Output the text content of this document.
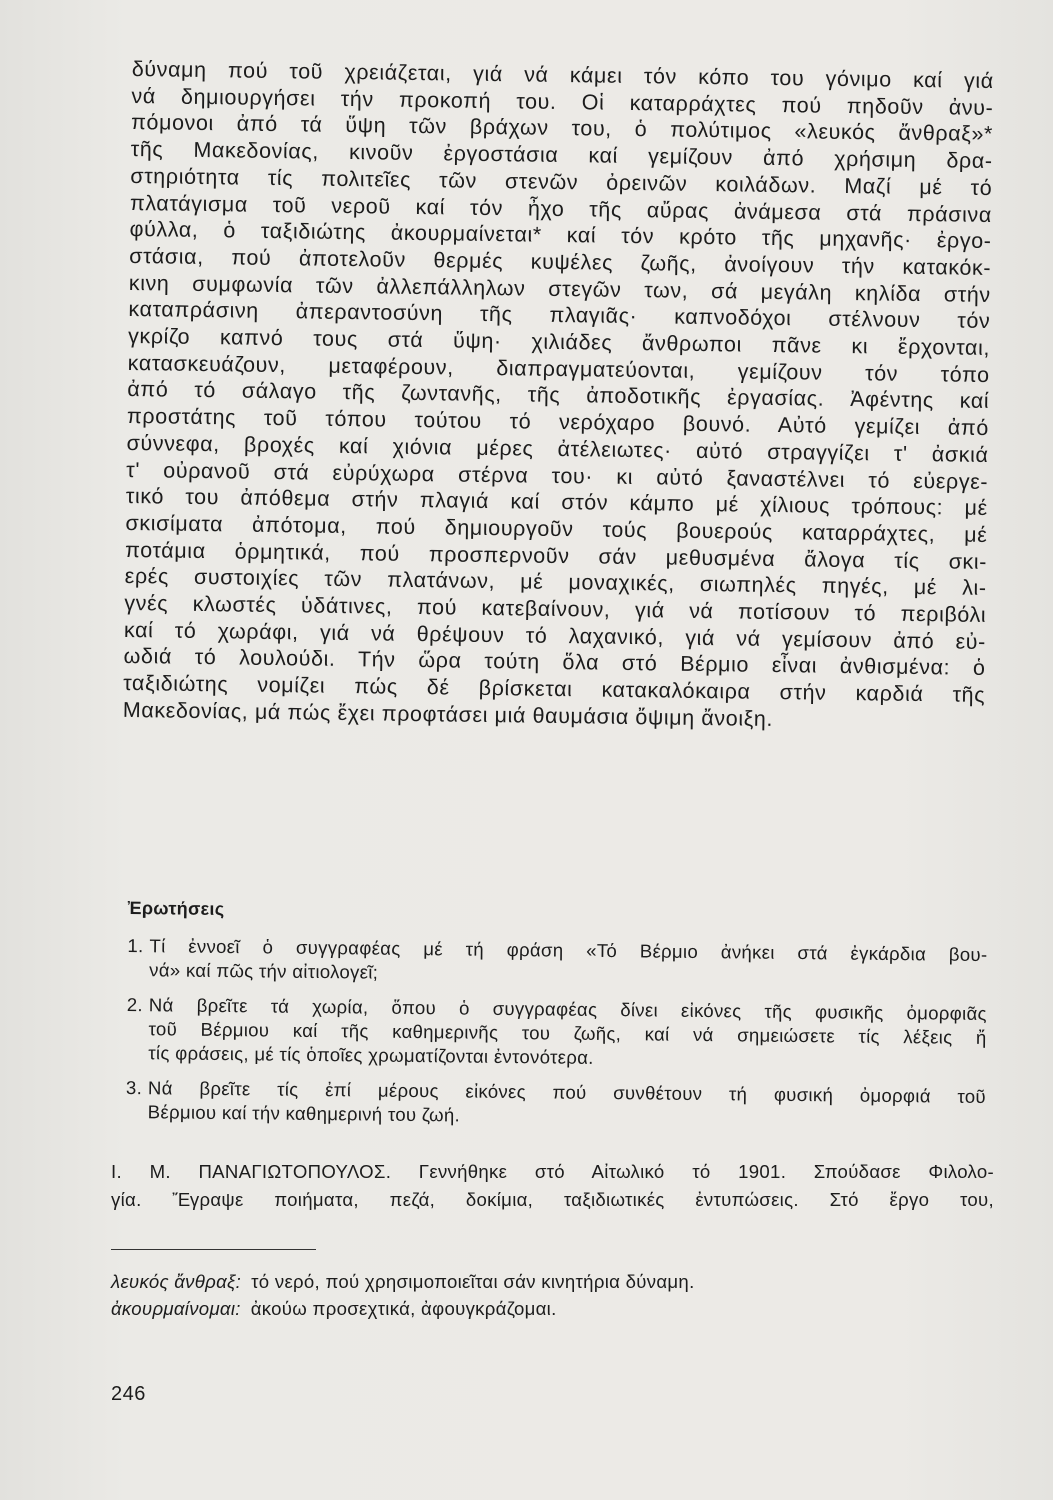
δύναμη πού τοῦ χρειάζεται, γιά νά κάμει τόν κόπο του γόνιμο καί γιά
νά δημιουργήσει τήν προκοπή του. Οἱ καταρράχτες πού πηδοῦν ἀνυ-
πόμονοι ἀπό τά ὕψη τῶν βράχων του, ὁ πολύτιμος «λευκός ἄνθραξ»*
τῆς Μακεδονίας, κινοῦν ἐργοστάσια καί γεμίζουν ἀπό χρήσιμη δρα-
στηριότητα τίς πολιτεῖες τῶν στενῶν ὀρεινῶν κοιλάδων. Μαζί μέ τό
πλατάγισμα τοῦ νεροῦ καί τόν ἦχο τῆς αὔρας ἀνάμεσα στά πράσινα
φύλλα, ὁ ταξιδιώτης ἀκουρμαίνεται* καί τόν κρότο τῆς μηχανῆς· ἐργο-
στάσια, πού ἀποτελοῦν θερμές κυψέλες ζωῆς, ἀνοίγουν τήν κατακόκ-
κινη συμφωνία τῶν ἀλλεπάλληλων στεγῶν των, σά μεγάλη κηλίδα στήν
καταπράσινη ἀπεραντοσύνη τῆς πλαγιᾶς· καπνοδόχοι στέλνουν τόν
γκρίζο καπνό τους στά ὕψη· χιλιάδες ἄνθρωποι πᾶνε κι ἔρχονται,
κατασκευάζουν, μεταφέρουν, διαπραγματεύονται, γεμίζουν τόν τόπο
ἀπό τό σάλαγο τῆς ζωντανῆς, τῆς ἀποδοτικῆς ἐργασίας. Ἀφέντης καί
προστάτης τοῦ τόπου τούτου τό νερόχαρο βουνό. Αὐτό γεμίζει ἀπό
σύννεφα, βροχές καί χιόνια μέρες ἀτέλειωτες· αὐτό στραγγίζει τ' ἀσκιά
τ' οὐρανοῦ στά εὐρύχωρα στέρνα του· κι αὐτό ξαναστέλνει τό εὐεργε-
τικό του ἀπόθεμα στήν πλαγιά καί στόν κάμπο μέ χίλιους τρόπους: μέ
σκισίματα ἀπότομα, πού δημιουργοῦν τούς βουερούς καταρράχτες, μέ
ποτάμια ὁρμητικά, πού προσπερνοῦν σάν μεθυσμένα ἄλογα τίς σκι-
ερές συστοιχίες τῶν πλατάνων, μέ μοναχικές, σιωπηλές πηγές, μέ λι-
γνές κλωστές ὑδάτινες, πού κατεβαίνουν, γιά νά ποτίσουν τό περιβόλι
καί τό χωράφι, γιά νά θρέψουν τό λαχανικό, γιά νά γεμίσουν ἀπό εὐ-
ωδιά τό λουλούδι. Τήν ὥρα τούτη ὅλα στό Βέρμιο εἶναι ἀνθισμένα: ὁ
ταξιδιώτης νομίζει πώς δέ βρίσκεται κατακαλόκαιρα στήν καρδιά τῆς
Μακεδονίας, μά πώς ἔχει προφτάσει μιά θαυμάσια ὄψιμη ἄνοιξη.
Ἐρωτήσεις
1. Τί ἐννοεῖ ὁ συγγραφέας μέ τή φράση «Τό Βέρμιο ἀνήκει στά ἐγκάρδια βου-
νά» καί πῶς τήν αἰτιολογεῖ;
2. Νά βρεῖτε τά χωρία, ὅπου ὁ συγγραφέας δίνει εἰκόνες τῆς φυσικῆς ὀμορφιᾶς
τοῦ Βέρμιου καί τῆς καθημερινῆς του ζωῆς, καί νά σημειώσετε τίς λέξεις ἤ
τίς φράσεις, μέ τίς ὁποῖες χρωματίζονται ἐντονότερα.
3. Νά βρεῖτε τίς ἐπί μέρους εἰκόνες πού συνθέτουν τή φυσική ὀμορφιά τοῦ
Βέρμιου καί τήν καθημερινή του ζωή.
Ι. Μ. ΠΑΝΑΓΙΩΤΟΠΟΥΛΟΣ. Γεννήθηκε στό Αἰτωλικό τό 1901. Σπούδασε Φιλολο-
γία. Ἔγραψε ποιήματα, πεζά, δοκίμια, ταξιδιωτικές ἐντυπώσεις. Στό ἔργο του,
λευκός ἄνθραξ: τό νερό, πού χρησιμοποιεῖται σάν κινητήρια δύναμη.
ἀκουρμαίνομαι: ἀκούω προσεχτικά, ἀφουγκράζομαι.
246
